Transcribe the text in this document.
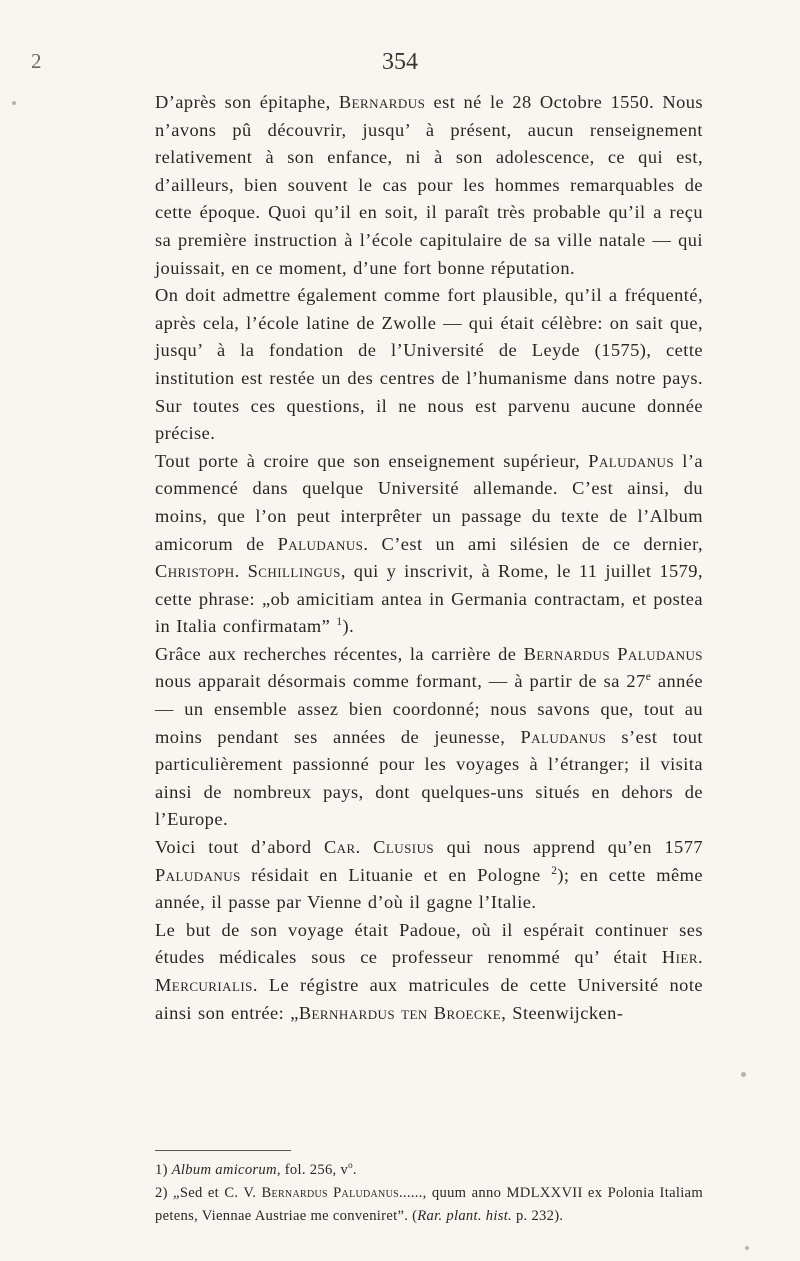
2	354

D’après son épitaphe, Bernardus est né le 28 Octobre 1550. Nous n’avons pû découvrir, jusqu’ à présent, aucun renseignement relativement à son enfance, ni à son adolescence, ce qui est, d’ailleurs, bien souvent le cas pour les hommes remarquables de cette époque. Quoi qu’il en soit, il paraît très probable qu’il a reçu sa première instruction à l’école capitulaire de sa ville natale — qui jouissait, en ce moment, d’une fort bonne réputation.

On doit admettre également comme fort plausible, qu’il a fréquenté, après cela, l’école latine de Zwolle — qui était célèbre: on sait que, jusqu’ à la fondation de l’Université de Leyde (1575), cette institution est restée un des centres de l’humanisme dans notre pays. Sur toutes ces questions, il ne nous est parvenu aucune donnée précise.

Tout porte à croire que son enseignement supérieur, Paludanus l’a commencé dans quelque Université allemande. C’est ainsi, du moins, que l’on peut interprêter un passage du texte de l’Album amicorum de Paludanus. C’est un ami silésien de ce dernier, Christoph. Schillingus, qui y inscrivit, à Rome, le 11 juillet 1579, cette phrase: „ob amicitiam antea in Germania contractam, et postea in Italia confirmatam” $^1$).

Grâce aux recherches récentes, la carrière de Bernardus Paludanus nous apparait désormais comme formant, — à partir de sa 27e année — un ensemble assez bien coordonné; nous savons que, tout au moins pendant ses années de jeunesse, Paludanus s’est tout particulièrement passionné pour les voyages à l’étranger; il visita ainsi de nombreux pays, dont quelques-uns situés en dehors de l’Europe.

Voici tout d’abord Car. Clusius qui nous apprend qu’en 1577 Paludanus résidait en Lituanie et en Pologne $^2$); en cette même année, il passe par Vienne d’où il gagne l’Italie.

Le but de son voyage était Padoue, où il espérait continuer ses études médicales sous ce professeur renommé qu’ était Hier. Mercurialis. Le régistre aux matricules de cette Université note ainsi son entrée: „Bernhardus ten Broecke, Steenwijcken-

1) Album amicorum, fol. 256, $v^o$.

2) „Sed et C. V. Bernardus Paludanus......, quum anno MDLXXVII ex Polonia Italiam petens, Viennae Austriae me conveniret”. (Rar. plant. hist. p. 232).
